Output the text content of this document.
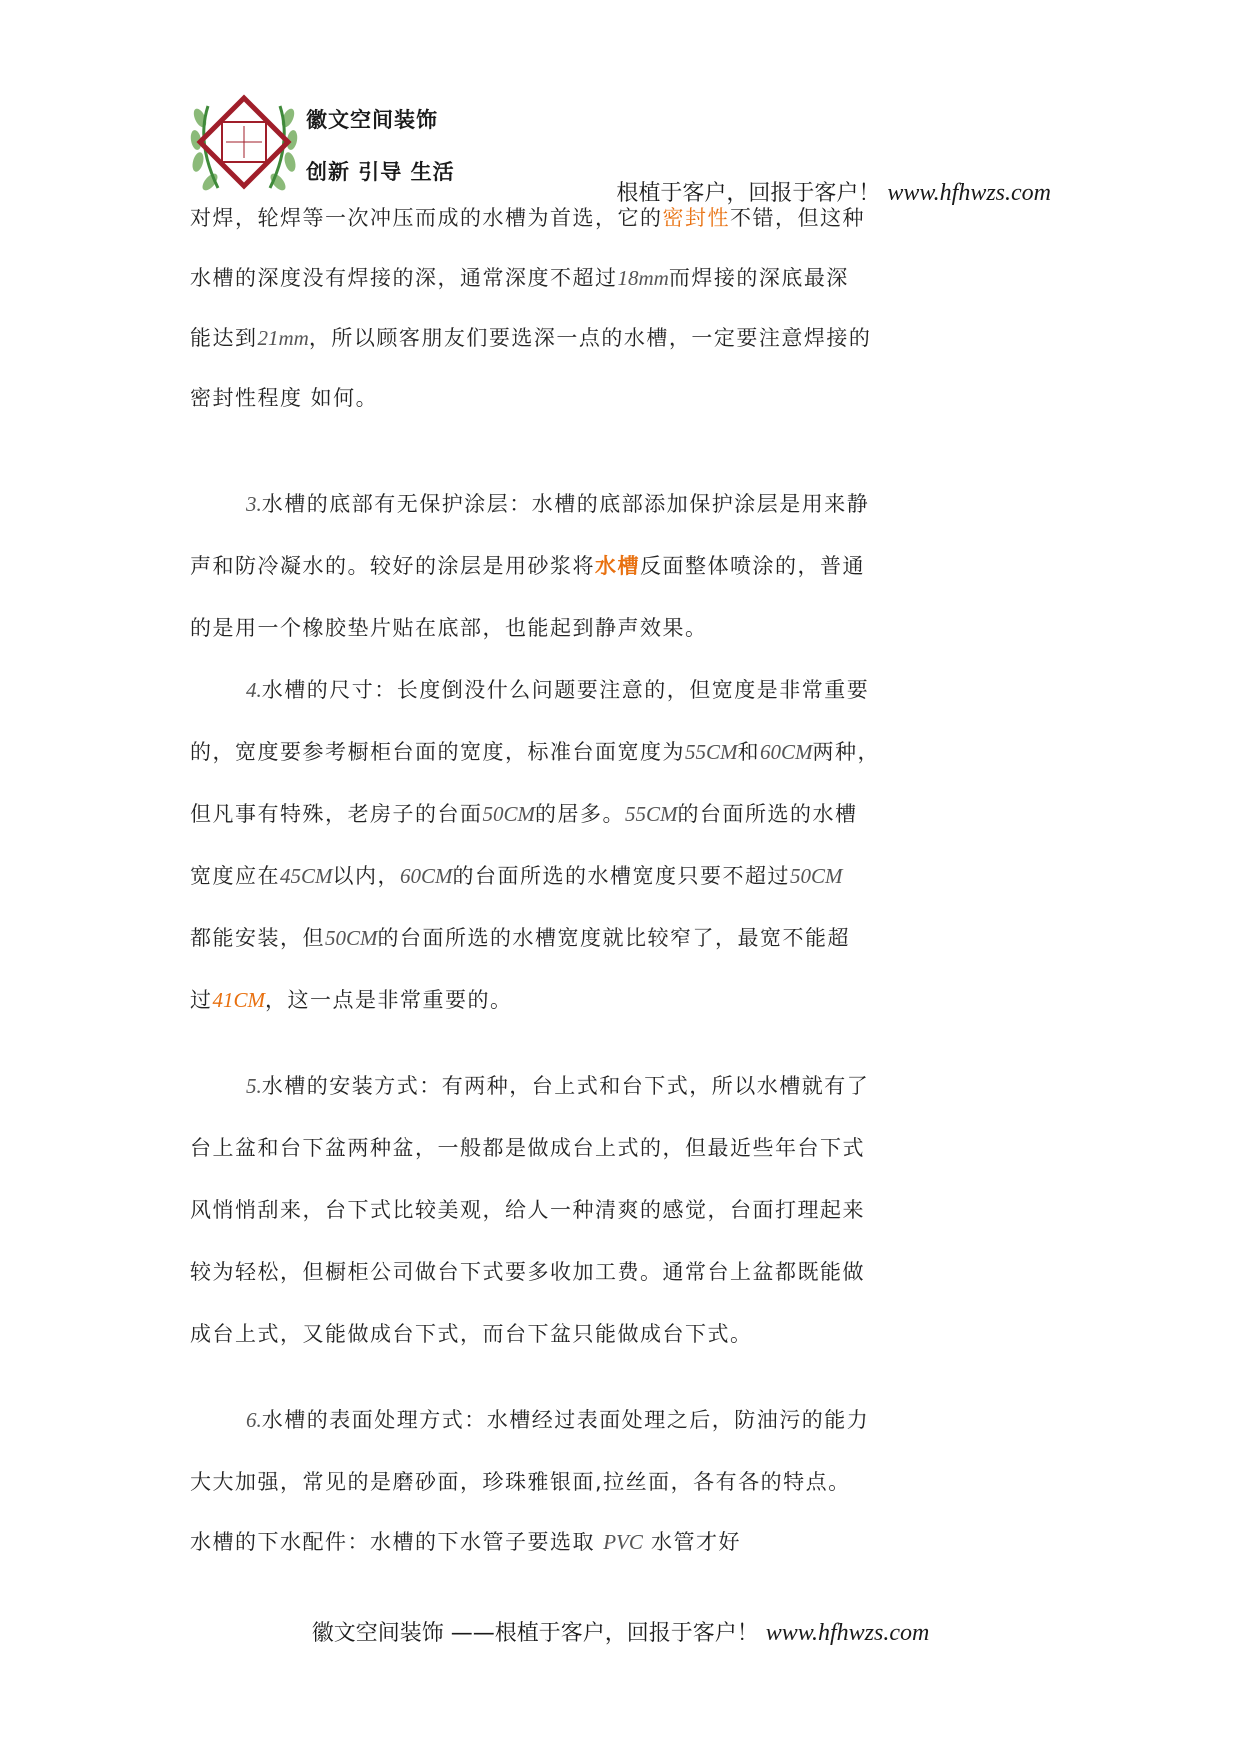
徽文空间装饰
创新 引导 生活
根植于客户，回报于客户！ www.hfhwzs.com
对焊，轮焊等一次冲压而成的水槽为首选，它的密封性不错，但这种
水槽的深度没有焊接的深，通常深度不超过18mm而焊接的深底最深
能达到21mm，所以顾客朋友们要选深一点的水槽，一定要注意焊接的
密封性程度 如何。
3.水槽的底部有无保护涂层：水槽的底部添加保护涂层是用来静
声和防冷凝水的。较好的涂层是用砂浆将水槽反面整体喷涂的，普通
的是用一个橡胶垫片贴在底部，也能起到静声效果。
4.水槽的尺寸：长度倒没什么问题要注意的，但宽度是非常重要
的，宽度要参考橱柜台面的宽度，标准台面宽度为55CM和60CM两种，
但凡事有特殊，老房子的台面50CM的居多。55CM的台面所选的水槽
宽度应在45CM以内，60CM的台面所选的水槽宽度只要不超过50CM
都能安装，但50CM的台面所选的水槽宽度就比较窄了，最宽不能超
过41CM，这一点是非常重要的。
5.水槽的安装方式：有两种，台上式和台下式，所以水槽就有了
台上盆和台下盆两种盆，一般都是做成台上式的，但最近些年台下式
风悄悄刮来，台下式比较美观，给人一种清爽的感觉，台面打理起来
较为轻松，但橱柜公司做台下式要多收加工费。通常台上盆都既能做
成台上式，又能做成台下式，而台下盆只能做成台下式。
6.水槽的表面处理方式：水槽经过表面处理之后，防油污的能力
大大加强，常见的是磨砂面，珍珠雅银面,拉丝面，各有各的特点。
水槽的下水配件：水槽的下水管子要选取 PVC 水管才好
徽文空间装饰 ——根植于客户，回报于客户！ www.hfhwzs.com
